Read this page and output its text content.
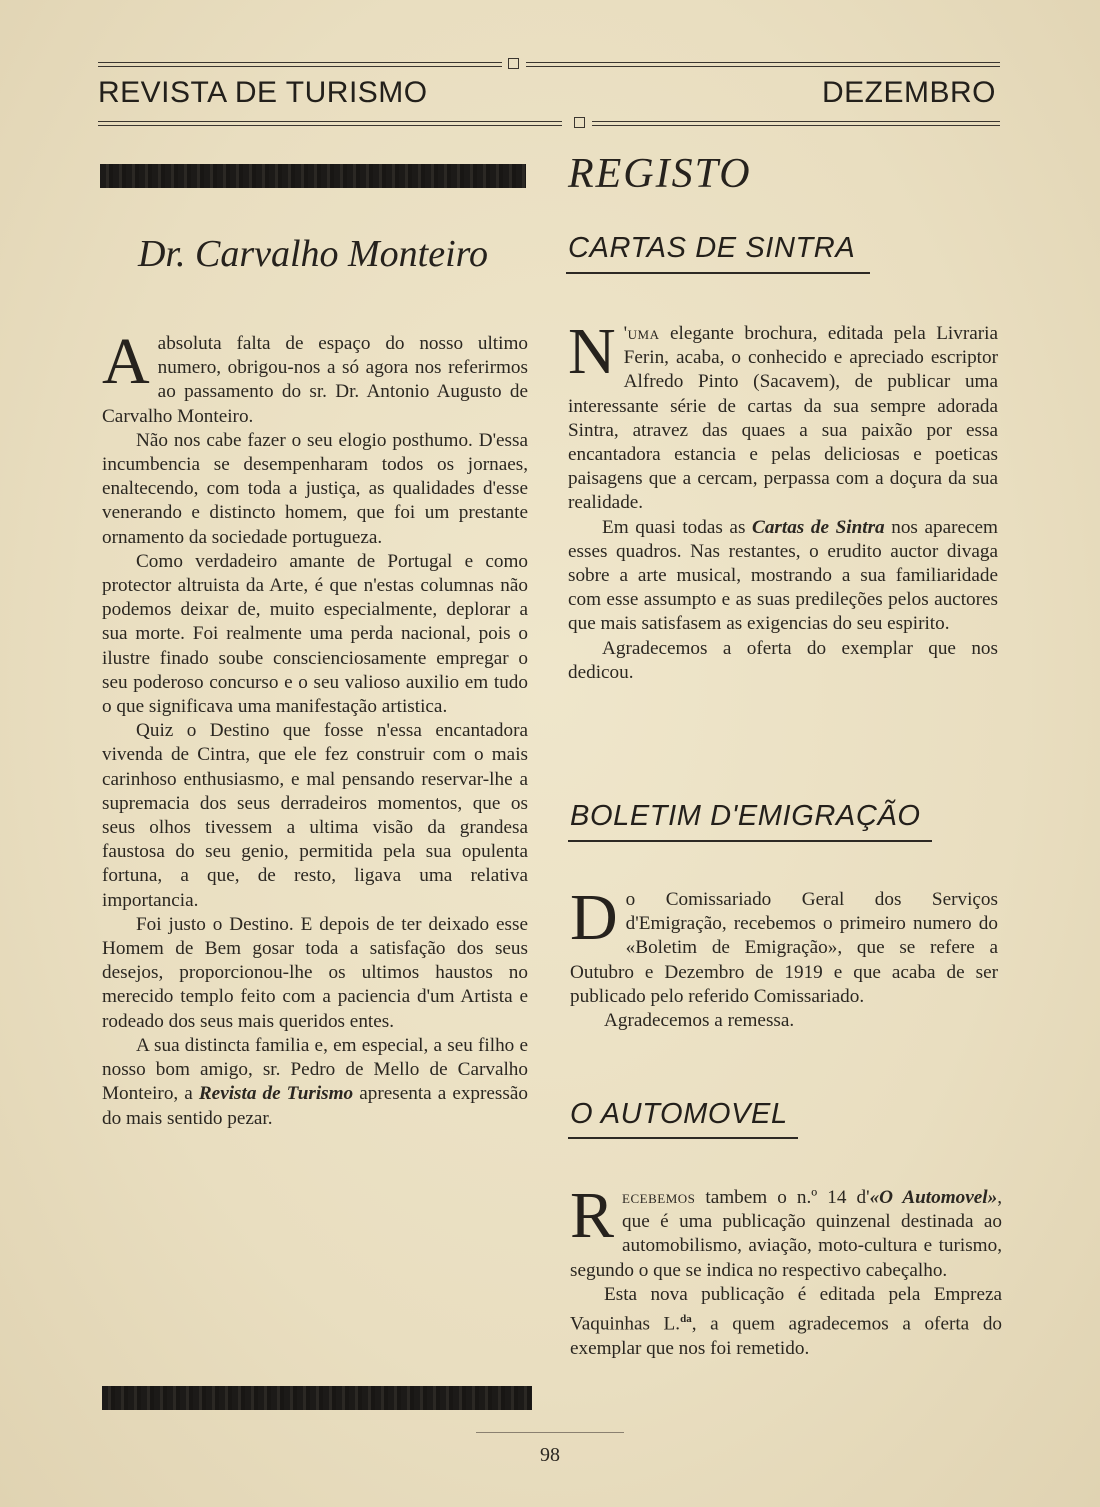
REVISTA DE TURISMO	DEZEMBRO
Dr. Carvalho Monteiro

Aabsoluta falta de espaço do nosso ultimo numero, obrigou-nos a só agora nos referirmos ao passamento do sr. Dr. Antonio Augusto de Carvalho Monteiro.

Não nos cabe fazer o seu elogio posthumo. D'essa incumbencia se desempenharam todos os jornaes, enaltecendo, com toda a justiça, as qualidades d'esse venerando e distincto homem, que foi um prestante ornamento da sociedade portugueza.

Como verdadeiro amante de Portugal e como protector altruista da Arte, é que n'estas columnas não podemos deixar de, muito especialmente, deplorar a sua morte. Foi realmente uma perda nacional, pois o ilustre finado soube conscienciosamente empregar o seu poderoso concurso e o seu valioso auxilio em tudo o que significava uma manifestação artistica.

Quiz o Destino que fosse n'essa encantadora vivenda de Cintra, que ele fez construir com o mais carinhoso enthusiasmo, e mal pensando reservar-lhe a supremacia dos seus derradeiros momentos, que os seus olhos tivessem a ultima visão da grandesa faustosa do seu genio, permitida pela sua opulenta fortuna, a que, de resto, ligava uma relativa importancia.

Foi justo o Destino. E depois de ter deixado esse Homem de Bem gosar toda a satisfação dos seus desejos, proporcionou-lhe os ultimos haustos no merecido templo feito com a paciencia d'um Artista e rodeado dos seus mais queridos entes.

A sua distincta familia e, em especial, a seu filho e nosso bom amigo, sr. Pedro de Mello de Carvalho Monteiro, a Revista de Turismo apresenta a expressão do mais sentido pezar.

REGISTO
CARTAS DE SINTRA

N 'uma elegante brochura, editada pela Livraria Ferin, acaba, o conhecido e apreciado escriptor Alfredo Pinto (Sacavem), de publicar uma interessante série de cartas da sua sempre adorada Sintra, atravez das quaes a sua paixão por essa encantadora estancia e pelas deliciosas e poeticas paisagens que a cercam, perpassa com a doçura da sua realidade.

Em quasi todas as Cartas de Sintra nos aparecem esses quadros. Nas restantes, o erudito auctor divaga sobre a arte musical, mostrando a sua familiaridade com esse assumpto e as suas predileções pelos auctores que mais satisfasem as exigencias do seu espirito.

Agradecemos a oferta do exemplar que nos dedicou.

BOLETIM D'EMIGRAÇÃO

Do Comissariado Geral dos Serviços d'Emigração, recebemos o primeiro numero do «Boletim de Emigração», que se refere a Outubro e Dezembro de 1919 e que acaba de ser publicado pelo referido Comissariado.

Agradecemos a remessa.

O AUTOMOVEL

Recebemos tambem o n.º 14 d'«O Automovel», que é uma publicação quinzenal destinada ao automobilismo, aviação, moto-cultura e turismo, segundo o que se indica no respectivo cabeçalho.

Esta nova publicação é editada pela Empreza Vaquinhas L.$^{da}$, a quem agradecemos a oferta do exemplar que nos foi remetido.

98
